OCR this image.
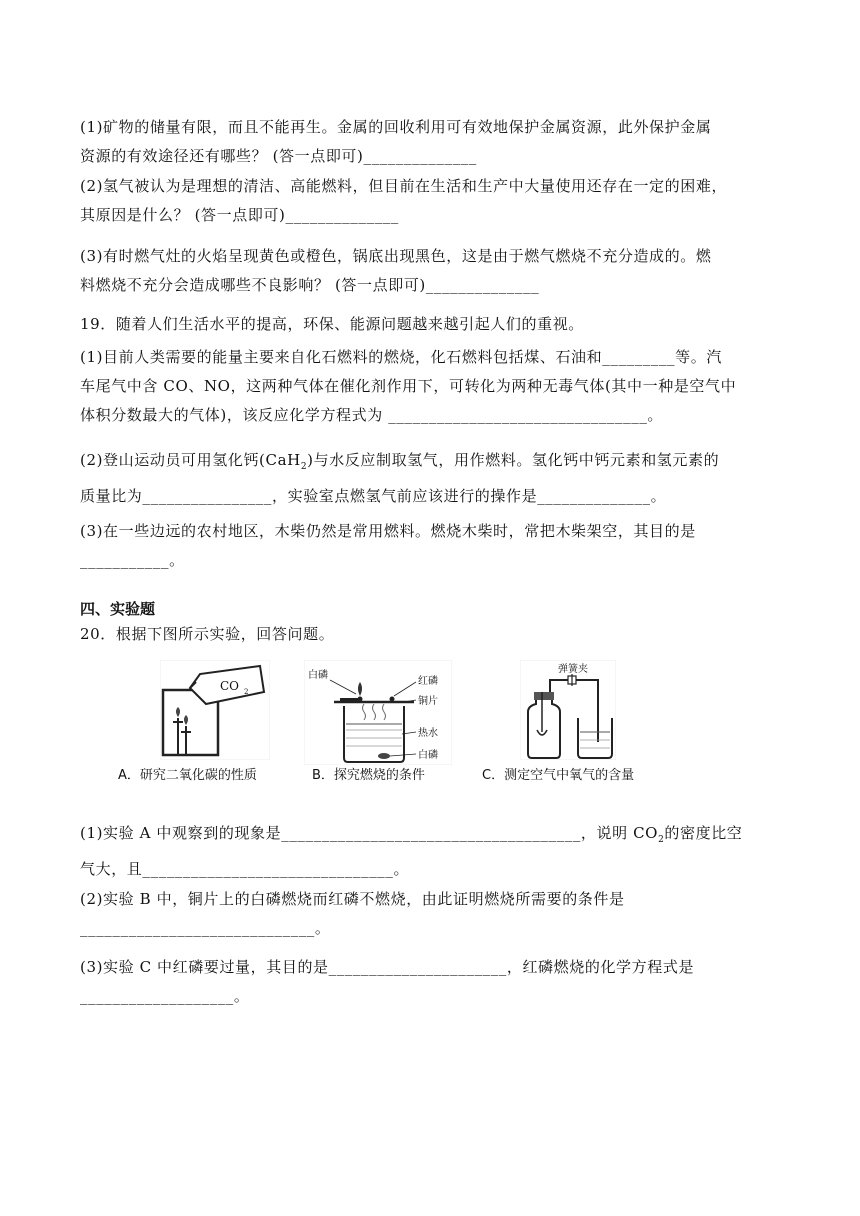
(1)矿物的储量有限，而且不能再生。金属的回收利用可有效地保护金属资源，此外保护金属
资源的有效途径还有哪些？ (答一点即可)______________
(2)氢气被认为是理想的清洁、高能燃料，但目前在生活和生产中大量使用还存在一定的困难，
其原因是什么？ (答一点即可)______________
(3)有时燃气灶的火焰呈现黄色或橙色，锅底出现黑色，这是由于燃气燃烧不充分造成的。燃
料燃烧不充分会造成哪些不良影响？ (答一点即可)______________
19．随着人们生活水平的提高，环保、能源问题越来越引起人们的重视。
(1)目前人类需要的能量主要来自化石燃料的燃烧，化石燃料包括煤、石油和_________等。汽
车尾气中含 CO、NO，这两种气体在催化剂作用下，可转化为两种无毒气体(其中一种是空气中
体积分数最大的气体)，该反应化学方程式为 ________________________________。
(2)登山运动员可用氢化钙(CaH$_2$)与水反应制取氢气，用作燃料。氢化钙中钙元素和氢元素的
质量比为________________，实验室点燃氢气前应该进行的操作是______________。
(3)在一些边远的农村地区，木柴仍然是常用燃料。燃烧木柴时，常把木柴架空，其目的是
___________。
四、实验题
20．根据下图所示实验，回答问题。
CO 2
A．研究二氧化碳的性质
白磷
红磷
铜片
热水
白磷
B．探究燃烧的条件
弹簧夹
C．测定空气中氧气的含量
(1)实验 A 中观察到的现象是_____________________________________，说明 $CO_2$的密度比空
气大，且_______________________________。
(2)实验 B 中，铜片上的白磷燃烧而红磷不燃烧，由此证明燃烧所需要的条件是
_____________________________。
(3)实验 C 中红磷要过量，其目的是______________________，红磷燃烧的化学方程式是
___________________。
